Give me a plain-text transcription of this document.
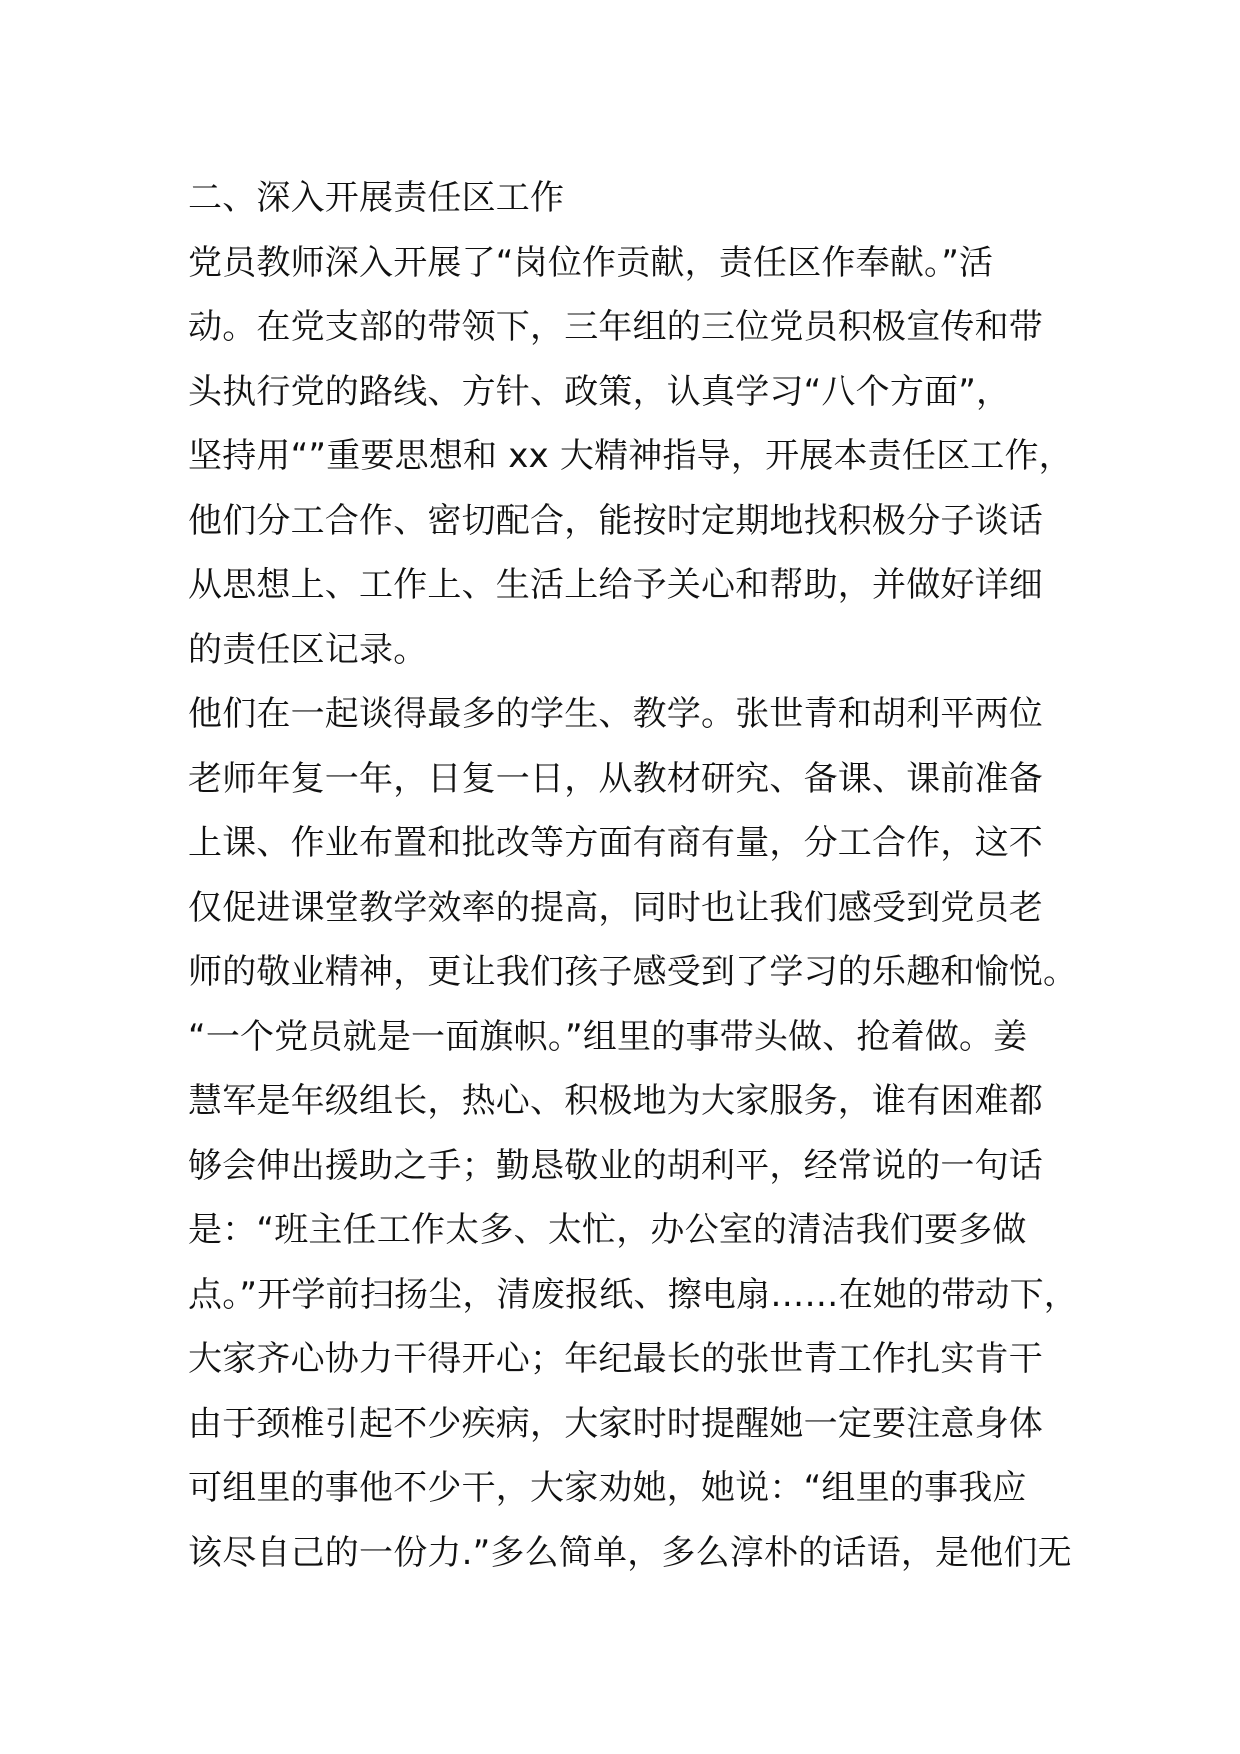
二、深入开展责任区工作
党员教师深入开展了“岗位作贡献，责任区作奉献。”活
动。在党支部的带领下，三年组的三位党员积极宣传和带
头执行党的路线、方针、政策，认真学习“八个方面”，
坚持用“”重要思想和 xx 大精神指导，开展本责任区工作，
他们分工合作、密切配合，能按时定期地找积极分子谈话
从思想上、工作上、生活上给予关心和帮助，并做好详细
的责任区记录。
他们在一起谈得最多的学生、教学。张世青和胡利平两位
老师年复一年，日复一日，从教材研究、备课、课前准备
上课、作业布置和批改等方面有商有量，分工合作，这不
仅促进课堂教学效率的提高，同时也让我们感受到党员老
师的敬业精神，更让我们孩子感受到了学习的乐趣和愉悦。
“一个党员就是一面旗帜。”组里的事带头做、抢着做。姜
慧军是年级组长，热心、积极地为大家服务，谁有困难都
够会伸出援助之手；勤恳敬业的胡利平，经常说的一句话
是：“班主任工作太多、太忙，办公室的清洁我们要多做
点。”开学前扫扬尘，清废报纸、擦电扇……在她的带动下，
大家齐心协力干得开心；年纪最长的张世青工作扎实肯干
由于颈椎引起不少疾病，大家时时提醒她一定要注意身体
可组里的事他不少干，大家劝她，她说：“组里的事我应
该尽自己的一份力.”多么简单，多么淳朴的话语，是他们无
